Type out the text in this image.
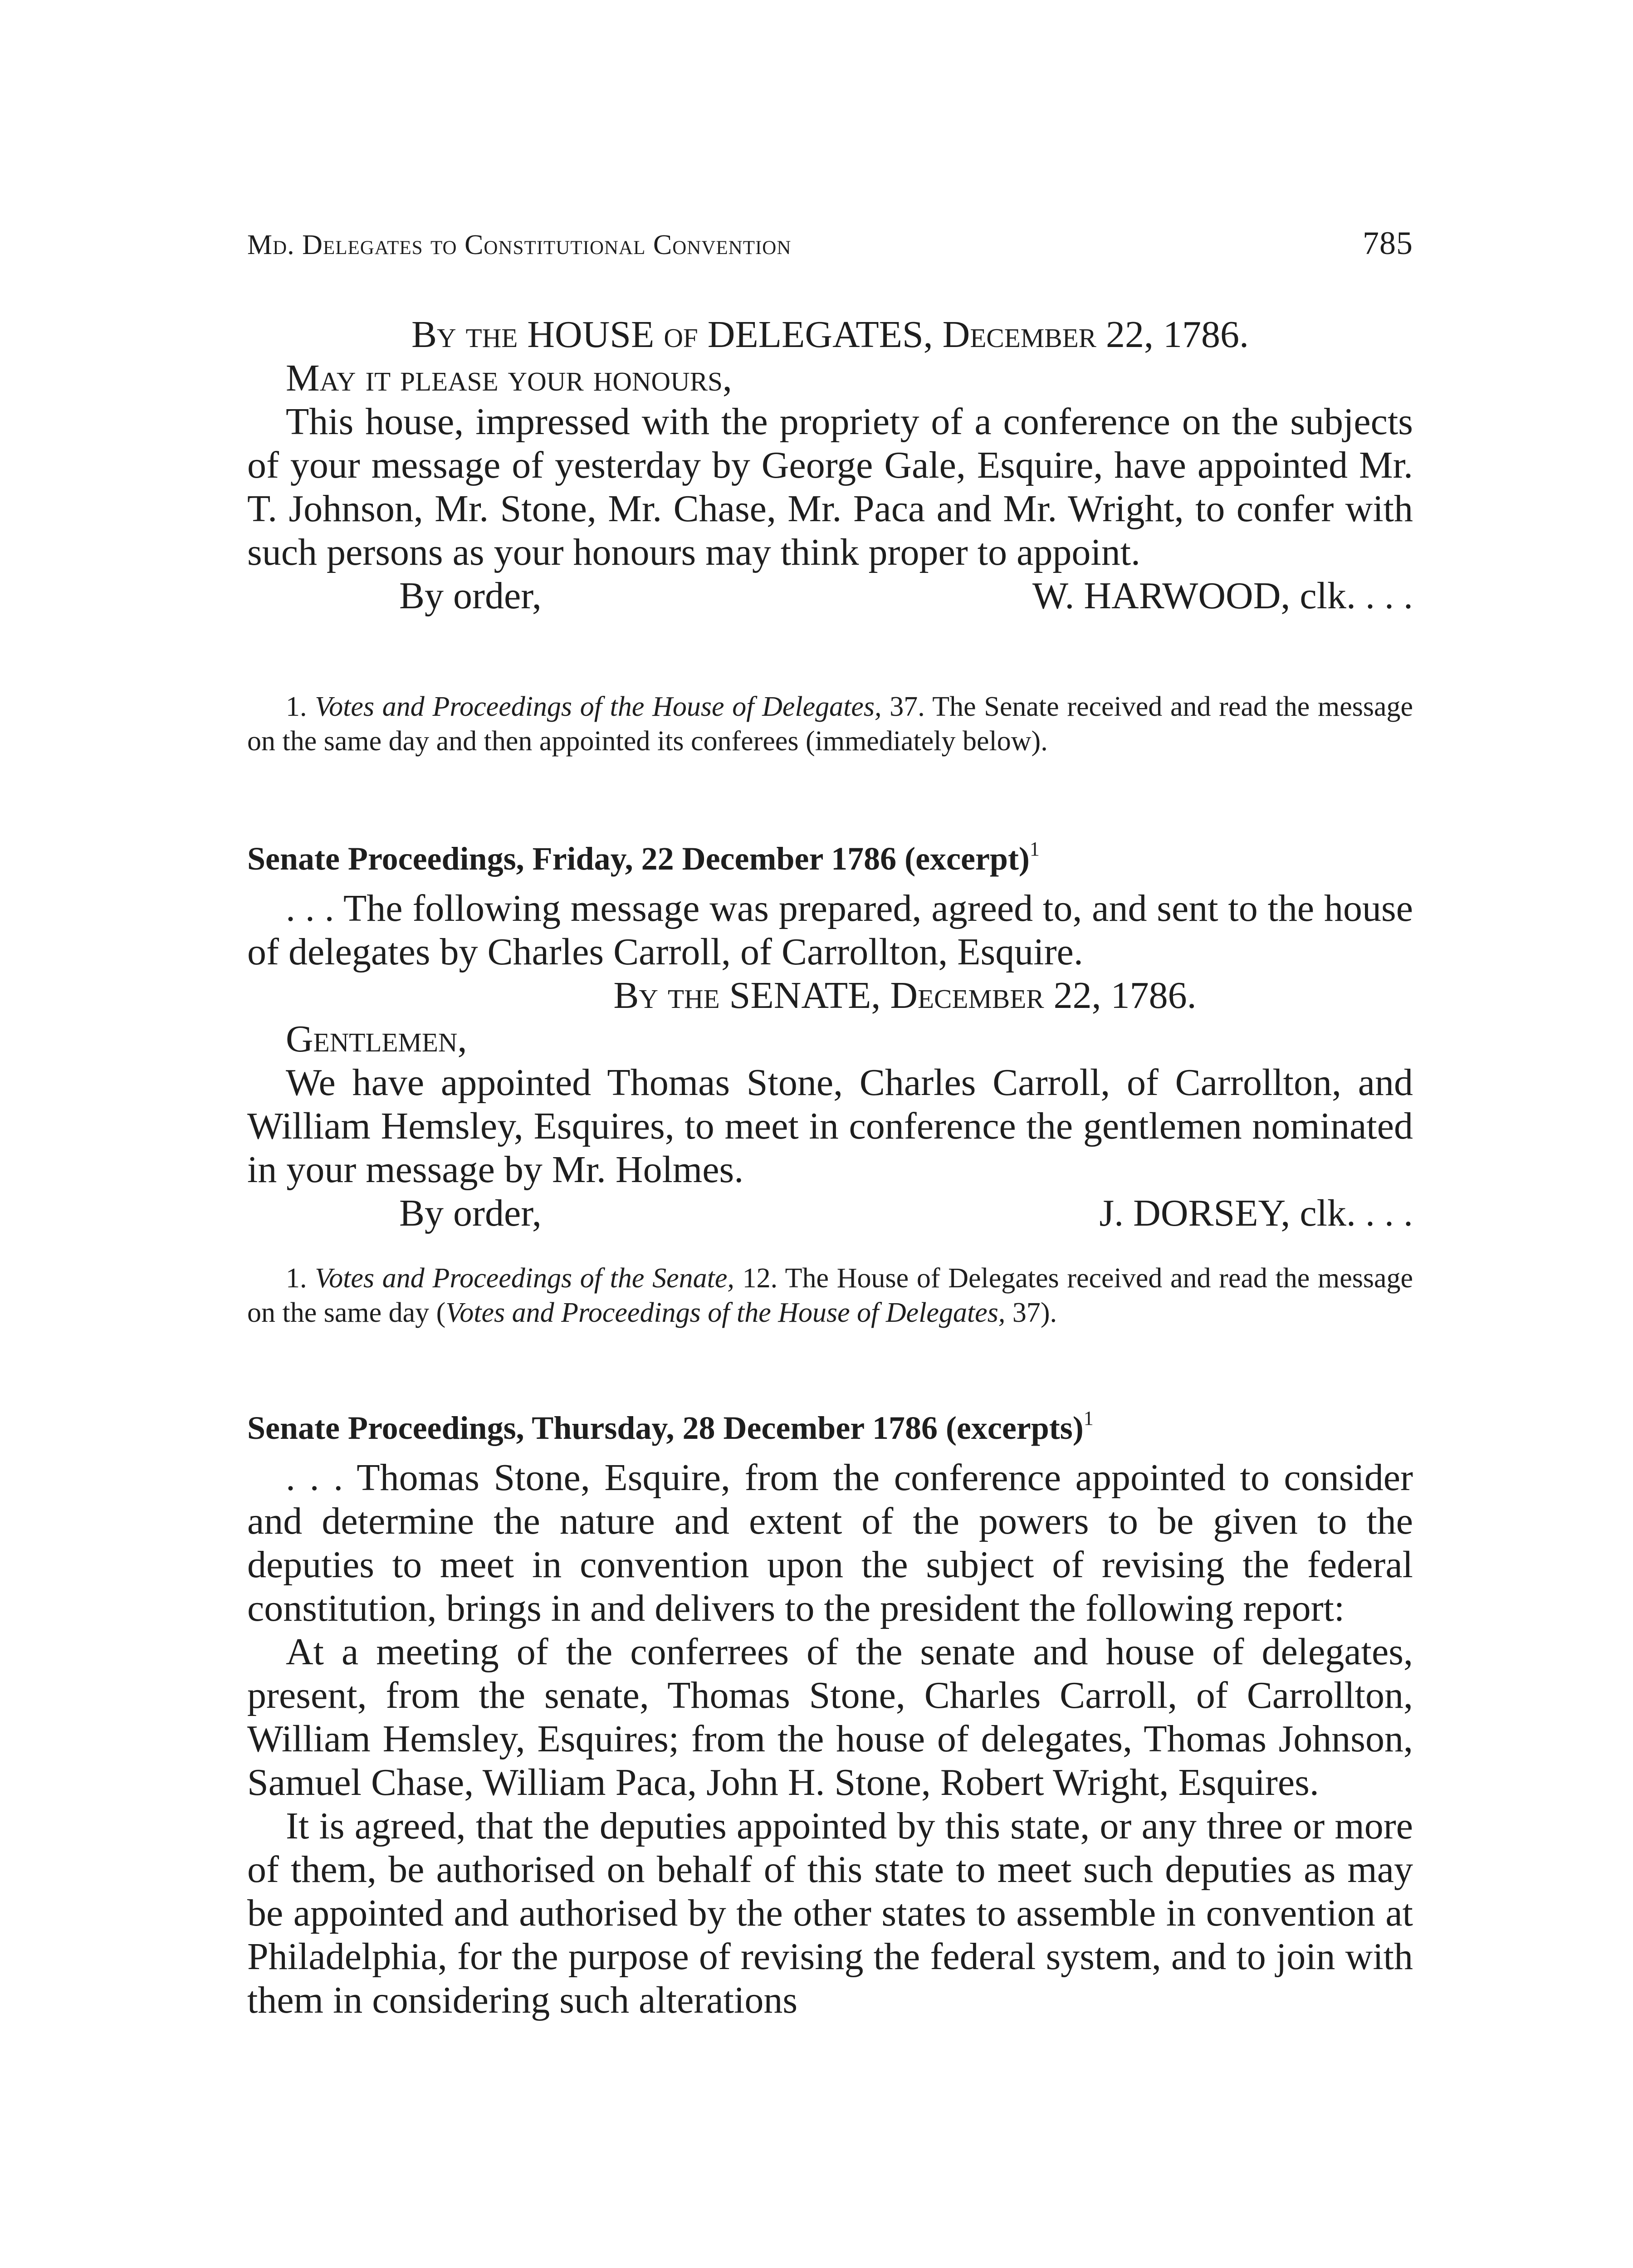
Md. Delegates to Constitutional Convention	785
By the HOUSE of DELEGATES, December 22, 1786.

May it please your honours,

This house, impressed with the propriety of a conference on the subjects of your message of yesterday by George Gale, Esquire, have appointed Mr. T. Johnson, Mr. Stone, Mr. Chase, Mr. Paca and Mr. Wright, to confer with such persons as your honours may think proper to appoint.

By order,	W. HARWOOD, clk. . . .

1. Votes and Proceedings of the House of Delegates, 37. The Senate received and read the message on the same day and then appointed its conferees (immediately below).

Senate Proceedings, Friday, 22 December 1786 (excerpt)$^1$

. . . The following message was prepared, agreed to, and sent to the house of delegates by Charles Carroll, of Carrollton, Esquire.

By the SENATE, December 22, 1786.

Gentlemen,

We have appointed Thomas Stone, Charles Carroll, of Carrollton, and William Hemsley, Esquires, to meet in conference the gentlemen nominated in your message by Mr. Holmes.

By order,	J. DORSEY, clk. . . .

1. Votes and Proceedings of the Senate, 12. The House of Delegates received and read the message on the same day (Votes and Proceedings of the House of Delegates, 37).

Senate Proceedings, Thursday, 28 December 1786 (excerpts)$^1$

. . . Thomas Stone, Esquire, from the conference appointed to consider and determine the nature and extent of the powers to be given to the deputies to meet in convention upon the subject of revising the federal constitution, brings in and delivers to the president the following report:

At a meeting of the conferrees of the senate and house of delegates, present, from the senate, Thomas Stone, Charles Carroll, of Carrollton, William Hemsley, Esquires; from the house of delegates, Thomas Johnson, Samuel Chase, William Paca, John H. Stone, Robert Wright, Esquires.

It is agreed, that the deputies appointed by this state, or any three or more of them, be authorised on behalf of this state to meet such deputies as may be appointed and authorised by the other states to assemble in convention at Philadelphia, for the purpose of revising the federal system, and to join with them in considering such alterations
